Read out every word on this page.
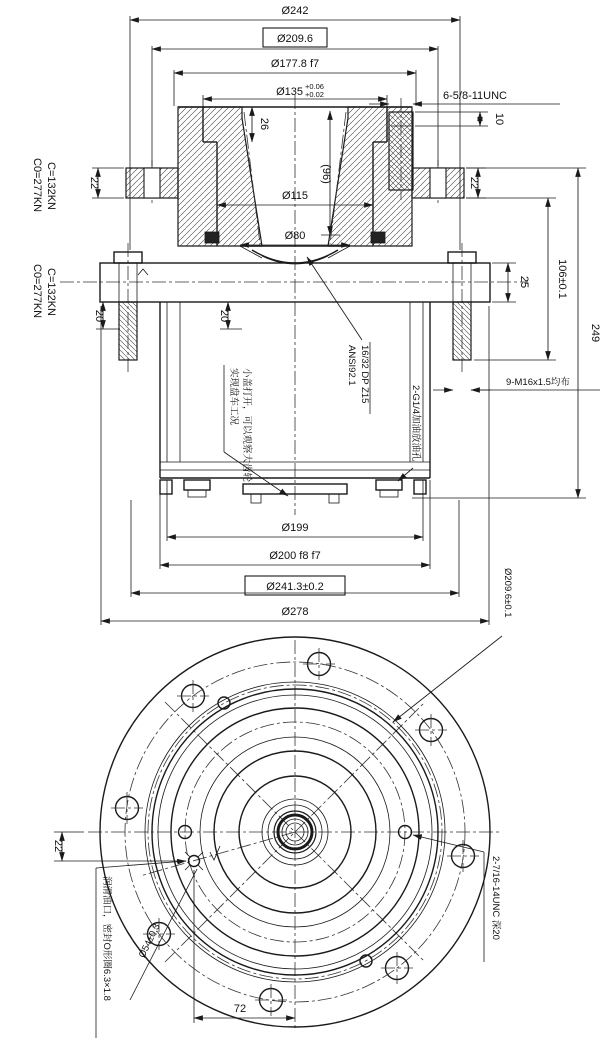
Ø242
Ø209.6
Ø177.8 f7
Ø135 +0.06
+0.02	6-5/8-11UNC
10
22
25 106±0.1
249
22
20	20
C=132KN
C0=277KN
C=132KN
C0=277KN
26
(96)
Ø115
Ø80
16/32 DP Z15
ANSI92.1
2-G1/4加油放油孔
9-M16x1.5均布
小盖打开，可以观察大齿轮
实现盘车工况
Ø199
Ø200 f8 f7
Ø241.3±0.2
Ø278
22
72
Ø54±0.3
润滑油口，密封O形圈6.3×1.8	2-7/16-14UNC 深20
Ø209.6±0.1
